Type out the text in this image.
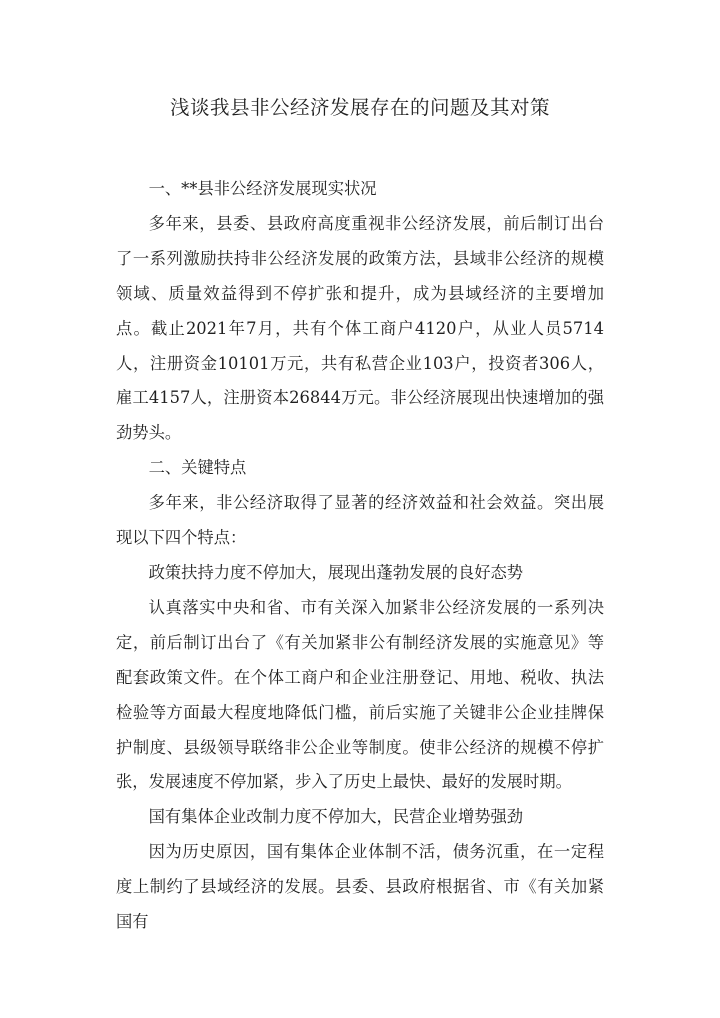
浅谈我县非公经济发展存在的问题及其对策

一、**县非公经济发展现实状况

多年来，县委、县政府高度重视非公经济发展，前后制订出台了一系列激励扶持非公经济发展的政策方法，县域非公经济的规模领域、质量效益得到不停扩张和提升，成为县域经济的主要增加点。截止2021年7月，共有个体工商户4120户，从业人员5714人，注册资金10101万元，共有私营企业103户，投资者306人，雇工4157人，注册资本26844万元。非公经济展现出快速增加的强劲势头。

二、关键特点

多年来，非公经济取得了显著的经济效益和社会效益。突出展现以下四个特点：

政策扶持力度不停加大，展现出蓬勃发展的良好态势

认真落实中央和省、市有关深入加紧非公经济发展的一系列决定，前后制订出台了《有关加紧非公有制经济发展的实施意见》等配套政策文件。在个体工商户和企业注册登记、用地、税收、执法检验等方面最大程度地降低门槛，前后实施了关键非公企业挂牌保护制度、县级领导联络非公企业等制度。使非公经济的规模不停扩张，发展速度不停加紧，步入了历史上最快、最好的发展时期。

国有集体企业改制力度不停加大，民营企业增势强劲

因为历史原因，国有集体企业体制不活，债务沉重，在一定程度上制约了县域经济的发展。县委、县政府根据省、市《有关加紧国有
